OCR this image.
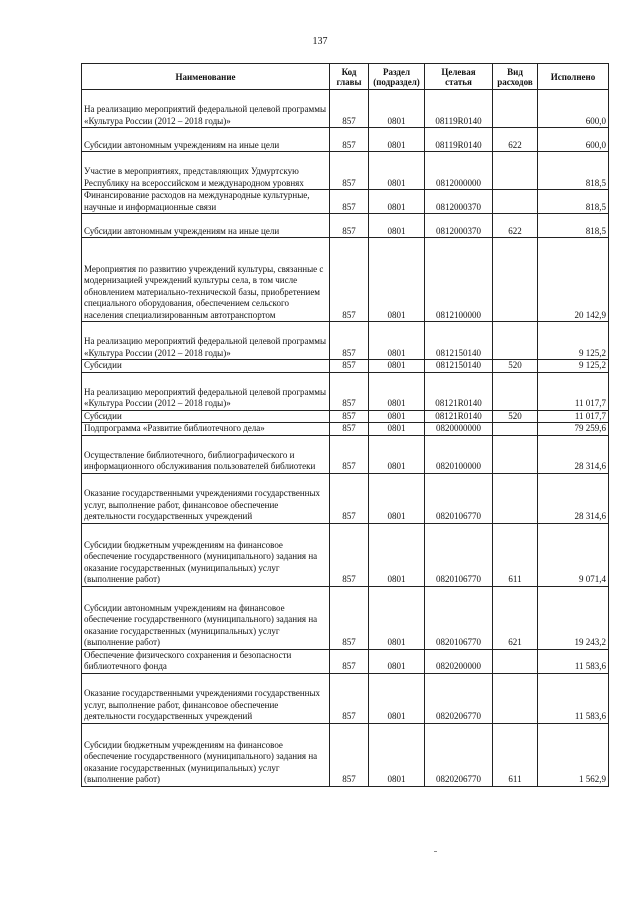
137
Наименование	Код главы	Раздел (подраздел)	Целевая статья	Вид расходов	Исполнено
На реализацию мероприятий федеральной целевой программы «Культура России (2012 – 2018 годы)»	857	0801	08119R0140		600,0
Субсидии автономным учреждениям на иные цели	857	0801	08119R0140	622	600,0
Участие в мероприятиях, представляющих Удмуртскую Республику на всероссийском и международном уровнях	857	0801	0812000000		818,5
Финансирование расходов на международные культурные, научные и информационные связи	857	0801	0812000370		818,5
Субсидии автономным учреждениям на иные цели	857	0801	0812000370	622	818,5
Мероприятия по развитию учреждений культуры, связанные с модернизацией учреждений культуры села, в том числе обновлением материально-технической базы, приобретением специального оборудования, обеспечением сельского населения специализированным автотранспортом	857	0801	0812100000		20 142,9
На реализацию мероприятий федеральной целевой программы «Культура России (2012 – 2018 годы)»	857	0801	0812150140		9 125,2
Субсидии	857	0801	0812150140	520	9 125,2
На реализацию мероприятий федеральной целевой программы «Культура России (2012 – 2018 годы)»	857	0801	08121R0140		11 017,7
Субсидии	857	0801	08121R0140	520	11 017,7
Подпрограмма «Развитие библиотечного дела»	857	0801	0820000000		79 259,6
Осуществление библиотечного, библиографического и информационного обслуживания пользователей библиотеки	857	0801	0820100000		28 314,6
Оказание государственными учреждениями государственных услуг, выполнение работ, финансовое обеспечение деятельности государственных учреждений	857	0801	0820106770		28 314,6
Субсидии бюджетным учреждениям на финансовое обеспечение государственного (муниципального) задания на оказание государственных (муниципальных) услуг (выполнение работ)	857	0801	0820106770	611	9 071,4
Субсидии автономным учреждениям на финансовое обеспечение государственного (муниципального) задания на оказание государственных (муниципальных) услуг (выполнение работ)	857	0801	0820106770	621	19 243,2
Обеспечение физического сохранения и безопасности библиотечного фонда	857	0801	0820200000		11 583,6
Оказание государственными учреждениями государственных услуг, выполнение работ, финансовое обеспечение деятельности государственных учреждений	857	0801	0820206770		11 583,6
Субсидии бюджетным учреждениям на финансовое обеспечение государственного (муниципального) задания на оказание государственных (муниципальных) услуг (выполнение работ)	857	0801	0820206770	611	1 562,9
